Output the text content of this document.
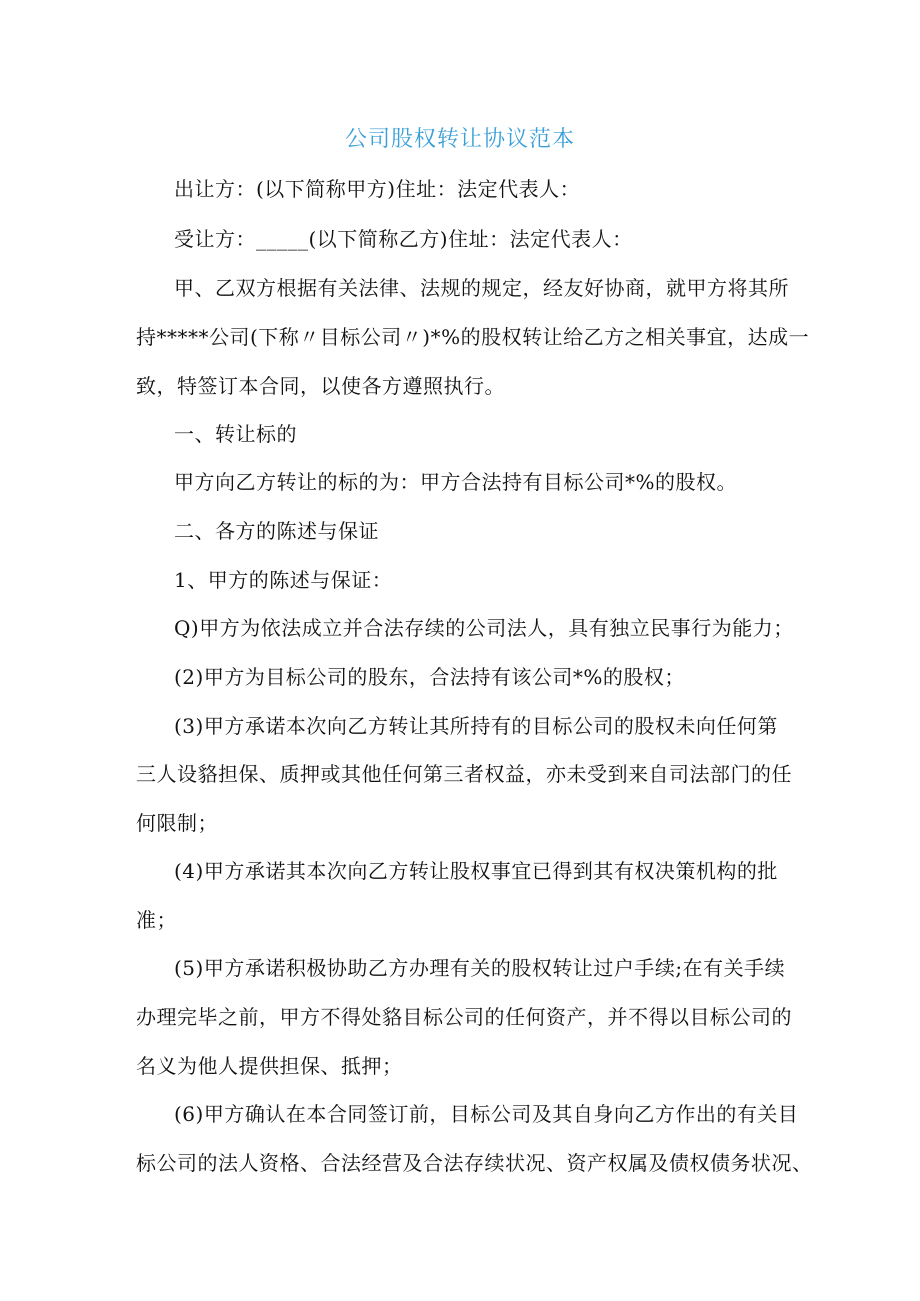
公司股权转让协议范本
出让方：(以下简称甲方)住址：法定代表人：
受让方：_____(以下简称乙方)住址：法定代表人：
甲、乙双方根据有关法律、法规的规定，经友好协商，就甲方将其所
持*****公司(下称〃目标公司〃)*%的股权转让给乙方之相关事宜，达成一
致，特签订本合同，以使各方遵照执行。
一、转让标的
甲方向乙方转让的标的为：甲方合法持有目标公司*%的股权。
二、各方的陈述与保证
1、甲方的陈述与保证：
Q)甲方为依法成立并合法存续的公司法人，具有独立民事行为能力；
(2)甲方为目标公司的股东，合法持有该公司*%的股权；
(3)甲方承诺本次向乙方转让其所持有的目标公司的股权未向任何第
三人设貉担保、质押或其他任何第三者权益，亦未受到来自司法部门的任
何限制；
(4)甲方承诺其本次向乙方转让股权事宜已得到其有权决策机构的批
准；
(5)甲方承诺积极协助乙方办理有关的股权转让过户手续;在有关手续
办理完毕之前，甲方不得处貉目标公司的任何资产，并不得以目标公司的
名义为他人提供担保、抵押；
(6)甲方确认在本合同签订前，目标公司及其自身向乙方作出的有关目
标公司的法人资格、合法经营及合法存续状况、资产权属及债权债务状况、
